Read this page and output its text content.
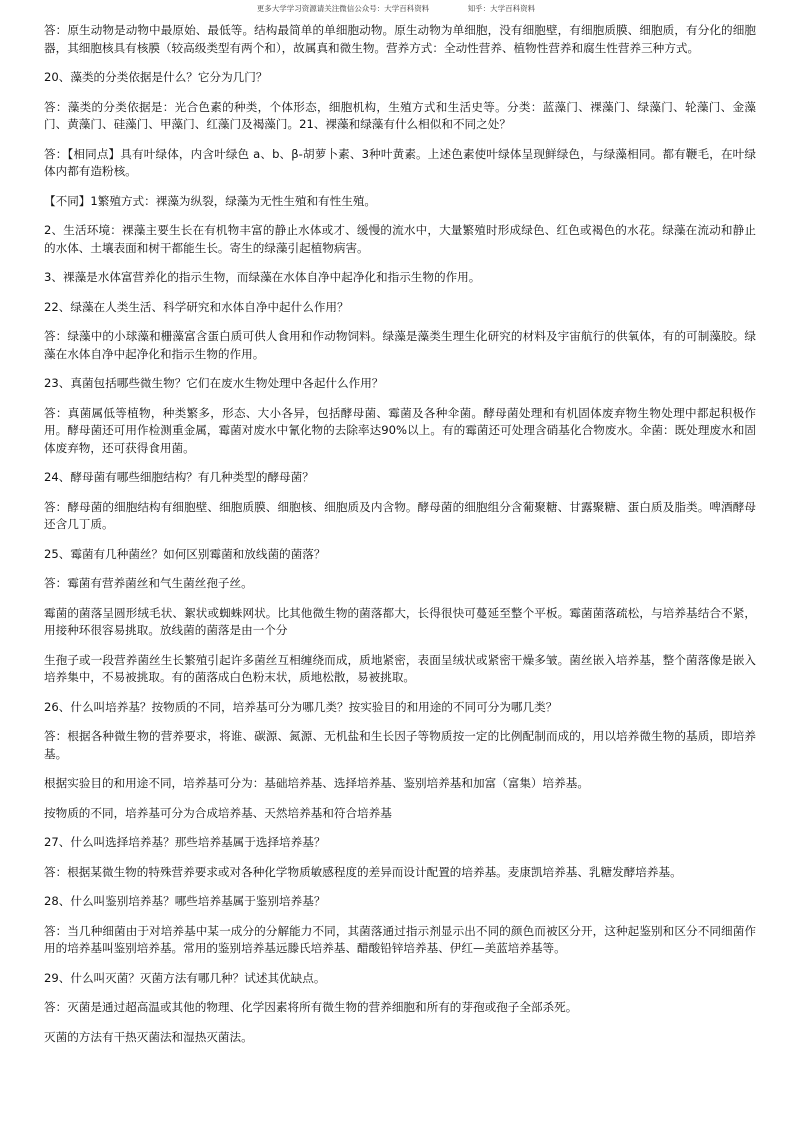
更多大学学习资源请关注微信公众号：大学百科资料	知乎：大学百科资料

答：原生动物是动物中最原始、最低等。结构最简单的单细胞动物。原生动物为单细胞，没有细胞壁，有细胞质膜、细胞质，有分化的细胞器，其细胞核具有核膜（较高级类型有两个和），故属真和微生物。营养方式：全动性营养、植物性营养和腐生性营养三种方式。

20、藻类的分类依据是什么？它分为几门？

答：藻类的分类依据是：光合色素的种类，个体形态，细胞机构，生殖方式和生活史等。分类：蓝藻门、裸藻门、绿藻门、轮藻门、金藻门、黄藻门、硅藻门、甲藻门、红藻门及褐藻门。21、裸藻和绿藻有什么相似和不同之处？

答：【相同点】具有叶绿体，内含叶绿色 a、b、β-胡萝卜素、3种叶黄素。上述色素使叶绿体呈现鲜绿色，与绿藻相同。都有鞭毛，在叶绿体内都有造粉核。

【不同】1繁殖方式：裸藻为纵裂，绿藻为无性生殖和有性生殖。

2、生活环境：裸藻主要生长在有机物丰富的静止水体或才、缓慢的流水中，大量繁殖时形成绿色、红色或褐色的水花。绿藻在流动和静止的水体、土壤表面和树干都能生长。寄生的绿藻引起植物病害。

3、裸藻是水体富营养化的指示生物，而绿藻在水体自净中起净化和指示生物的作用。

22、绿藻在人类生活、科学研究和水体自净中起什么作用？

答：绿藻中的小球藻和栅藻富含蛋白质可供人食用和作动物饲料。绿藻是藻类生理生化研究的材料及宇宙航行的供氧体，有的可制藻胶。绿藻在水体自净中起净化和指示生物的作用。

23、真菌包括哪些微生物？它们在废水生物处理中各起什么作用？

答：真菌属低等植物，种类繁多，形态、大小各异，包括酵母菌、霉菌及各种伞菌。酵母菌处理和有机固体废弃物生物处理中都起积极作用。酵母菌还可用作检测重金属，霉菌对废水中氰化物的去除率达90%以上。有的霉菌还可处理含硝基化合物废水。伞菌：既处理废水和固体废弃物，还可获得食用菌。

24、酵母菌有哪些细胞结构？有几种类型的酵母菌？

答：酵母菌的细胞结构有细胞壁、细胞质膜、细胞核、细胞质及内含物。酵母菌的细胞组分含葡聚糖、甘露聚糖、蛋白质及脂类。啤酒酵母还含几丁质。

25、霉菌有几种菌丝？如何区别霉菌和放线菌的菌落？

答：霉菌有营养菌丝和气生菌丝孢子丝。

霉菌的菌落呈圆形绒毛状、絮状或蜘蛛网状。比其他微生物的菌落都大，长得很快可蔓延至整个平板。霉菌菌落疏松，与培养基结合不紧，用接种环很容易挑取。放线菌的菌落是由一个分

生孢子或一段营养菌丝生长繁殖引起许多菌丝互相缠绕而成，质地紧密，表面呈绒状或紧密干燥多皱。菌丝嵌入培养基，整个菌落像是嵌入培养集中，不易被挑取。有的菌落成白色粉末状，质地松散，易被挑取。

26、什么叫培养基？按物质的不同，培养基可分为哪几类？按实验目的和用途的不同可分为哪几类？

答：根据各种微生物的营养要求，将谁、碳源、氮源、无机盐和生长因子等物质按一定的比例配制而成的，用以培养微生物的基质，即培养基。

根据实验目的和用途不同，培养基可分为：基础培养基、选择培养基、鉴别培养基和加富（富集）培养基。

按物质的不同，培养基可分为合成培养基、天然培养基和符合培养基

27、什么叫选择培养基？那些培养基属于选择培养基？

答：根据某微生物的特殊营养要求或对各种化学物质敏感程度的差异而设计配置的培养基。麦康凯培养基、乳糖发酵培养基。

28、什么叫鉴别培养基？哪些培养基属于鉴别培养基？

答：当几种细菌由于对培养基中某一成分的分解能力不同，其菌落通过指示剂显示出不同的颜色而被区分开，这种起鉴别和区分不同细菌作用的培养基叫鉴别培养基。常用的鉴别培养基远滕氏培养基、醋酸铅锌培养基、伊红—美蓝培养基等。

29、什么叫灭菌？灭菌方法有哪几种？试述其优缺点。

答：灭菌是通过超高温或其他的物理、化学因素将所有微生物的营养细胞和所有的芽孢或孢子全部杀死。

灭菌的方法有干热灭菌法和湿热灭菌法。
